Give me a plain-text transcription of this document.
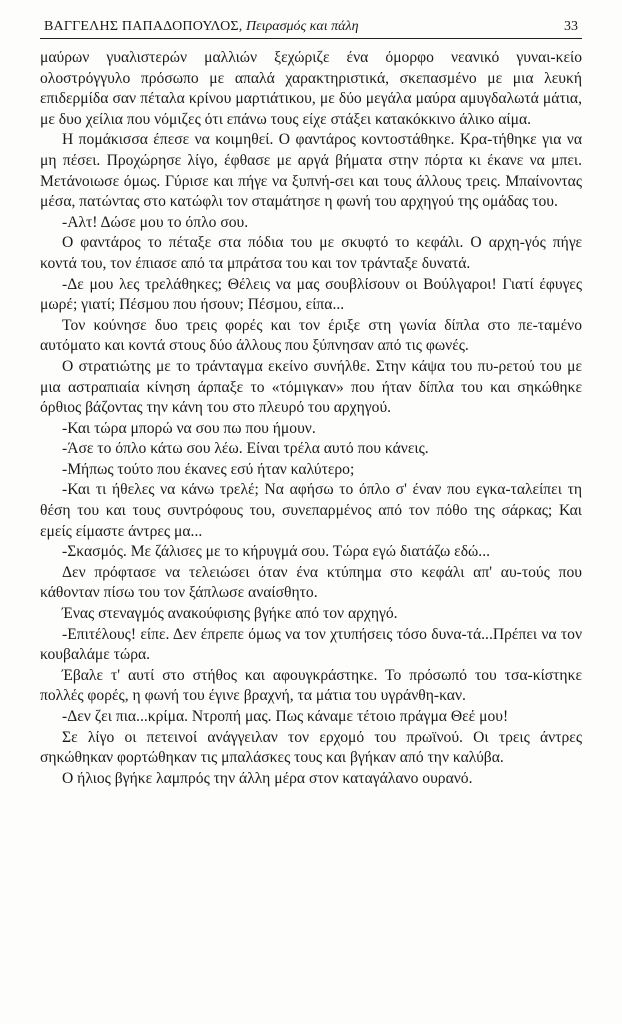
ΒΑΓΓΕΛΗΣ ΠΑΠΑΔΟΠΟΥΛΟΣ, Πειρασμός και πάλη	33

μαύρων γυαλιστερών μαλλιών ξεχώριζε ένα όμορφο νεανικό γυναι-κείο ολοστρόγγυλο πρόσωπο με απαλά χαρακτηριστικά, σκεπασμένο με μια λευκή επιδερμίδα σαν πέταλα κρίνου μαρτιάτικου, με δύο μεγάλα μαύρα αμυγδαλωτά μάτια, με δυο χείλια που νόμιζες ότι επάνω τους είχε στάξει κατακόκκινο άλικο αίμα.

Η πομάκισσα έπεσε να κοιμηθεί. Ο φαντάρος κοντοστάθηκε. Κρα-τήθηκε για να μη πέσει. Προχώρησε λίγο, έφθασε με αργά βήματα στην πόρτα κι έκανε να μπει. Μετάνοιωσε όμως. Γύρισε και πήγε να ξυπνή-σει και τους άλλους τρεις. Μπαίνοντας μέσα, πατώντας στο κατώφλι τον σταμάτησε η φωνή του αρχηγού της ομάδας του.

-Αλτ! Δώσε μου το όπλο σου.

Ο φαντάρος το πέταξε στα πόδια του με σκυφτό το κεφάλι. Ο αρχη-γός πήγε κοντά του, τον έπιασε από τα μπράτσα του και τον τράνταξε δυνατά.

-Δε μου λες τρελάθηκες; Θέλεις να μας σουβλίσουν οι Βούλγαροι! Γιατί έφυγες μωρέ; γιατί; Πέσμου που ήσουν; Πέσμου, είπα...

Τον κούνησε δυο τρεις φορές και τον έριξε στη γωνία δίπλα στο πε-ταμένο αυτόματο και κοντά στους δύο άλλους που ξύπνησαν από τις φωνές.

Ο στρατιώτης με το τράνταγμα εκείνο συνήλθε. Στην κάψα του πυ-ρετού του με μια αστραπιαία κίνηση άρπαξε το «τόμιγκαν» που ήταν δίπλα του και σηκώθηκε όρθιος βάζοντας την κάνη του στο πλευρό του αρχηγού.

-Και τώρα μπορώ να σου πω που ήμουν.

-Άσε το όπλο κάτω σου λέω. Είναι τρέλα αυτό που κάνεις.

-Μήπως τούτο που έκανες εσύ ήταν καλύτερο;

-Και τι ήθελες να κάνω τρελέ; Να αφήσω το όπλο σ' έναν που εγκα-ταλείπει τη θέση του και τους συντρόφους του, συνεπαρμένος από τον πόθο της σάρκας; Και εμείς είμαστε άντρες μα...

-Σκασμός. Με ζάλισες με το κήρυγμά σου. Τώρα εγώ διατάζω εδώ...

Δεν πρόφτασε να τελειώσει όταν ένα κτύπημα στο κεφάλι απ' αυ-τούς που κάθονταν πίσω του τον ξάπλωσε αναίσθητο.

Ένας στεναγμός ανακούφισης βγήκε από τον αρχηγό.

-Επιτέλους! είπε. Δεν έπρεπε όμως να τον χτυπήσεις τόσο δυνα-τά...Πρέπει να τον κουβαλάμε τώρα.

Έβαλε τ' αυτί στο στήθος και αφουγκράστηκε. Το πρόσωπό του τσα-κίστηκε πολλές φορές, η φωνή του έγινε βραχνή, τα μάτια του υγράνθη-καν.

-Δεν ζει πια...κρίμα. Ντροπή μας. Πως κάναμε τέτοιο πράγμα Θεέ μου!

Σε λίγο οι πετεινοί ανάγγειλαν τον ερχομό του πρωϊνού. Οι τρεις άντρες σηκώθηκαν φορτώθηκαν τις μπαλάσκες τους και βγήκαν από την καλύβα.

Ο ήλιος βγήκε λαμπρός την άλλη μέρα στον καταγάλανο ουρανό.
